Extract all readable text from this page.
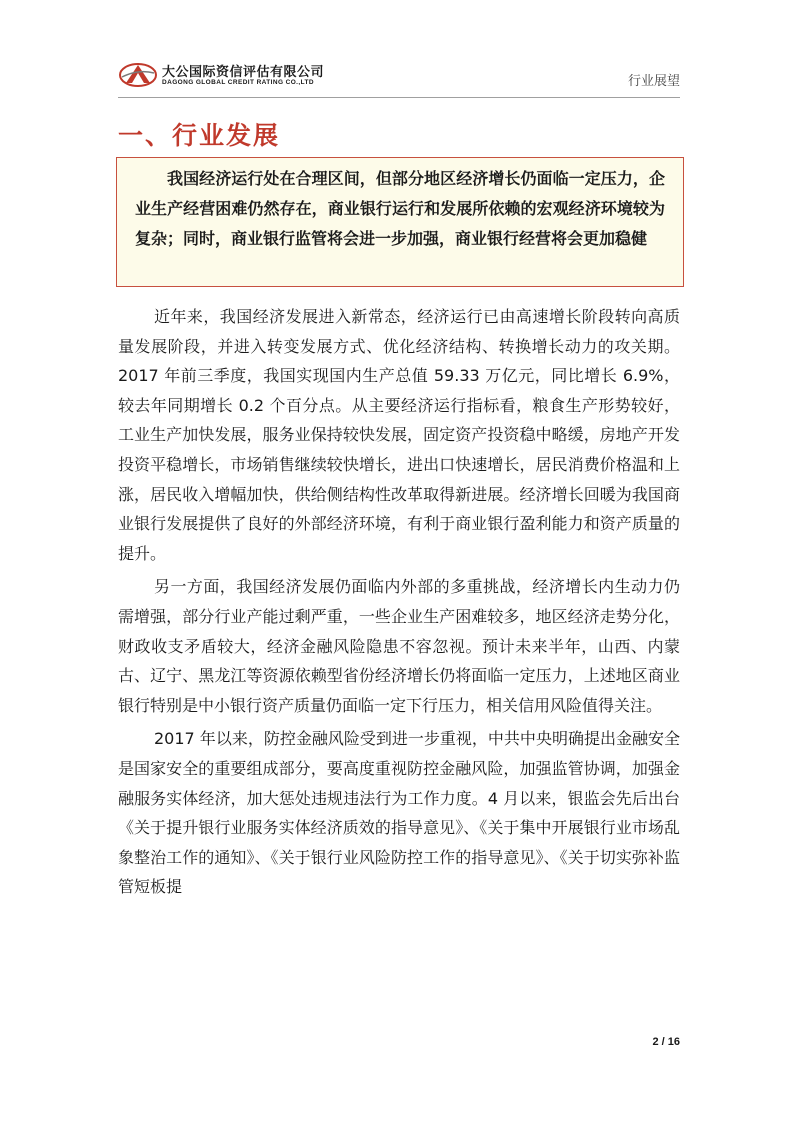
大公国际资信评估有限公司
DAGONG GLOBAL CREDIT RATING CO.,LTD	行业展望
一、行业发展

我国经济运行处在合理区间，但部分地区经济增长仍面临一定压力，企业生产经营困难仍然存在，商业银行运行和发展所依赖的宏观经济环境较为复杂；同时，商业银行监管将会进一步加强，商业银行经营将会更加稳健

近年来，我国经济发展进入新常态，经济运行已由高速增长阶段转向高质量发展阶段，并进入转变发展方式、优化经济结构、转换增长动力的攻关期。2017 年前三季度，我国实现国内生产总值 59.33 万亿元，同比增长 6.9%，较去年同期增长 0.2 个百分点。从主要经济运行指标看，粮食生产形势较好，工业生产加快发展，服务业保持较快发展，固定资产投资稳中略缓，房地产开发投资平稳增长，市场销售继续较快增长，进出口快速增长，居民消费价格温和上涨，居民收入增幅加快，供给侧结构性改革取得新进展。经济增长回暖为我国商业银行发展提供了良好的外部经济环境，有利于商业银行盈利能力和资产质量的提升。

另一方面，我国经济发展仍面临内外部的多重挑战，经济增长内生动力仍需增强，部分行业产能过剩严重，一些企业生产困难较多，地区经济走势分化，财政收支矛盾较大，经济金融风险隐患不容忽视。预计未来半年，山西、内蒙古、辽宁、黑龙江等资源依赖型省份经济增长仍将面临一定压力，上述地区商业银行特别是中小银行资产质量仍面临一定下行压力，相关信用风险值得关注。

2017 年以来，防控金融风险受到进一步重视，中共中央明确提出金融安全是国家安全的重要组成部分，要高度重视防控金融风险，加强监管协调，加强金融服务实体经济，加大惩处违规违法行为工作力度。4 月以来，银监会先后出台《关于提升银行业服务实体经济质效的指导意见》、《关于集中开展银行业市场乱象整治工作的通知》、《关于银行业风险防控工作的指导意见》、《关于切实弥补监管短板提

2 / 16
